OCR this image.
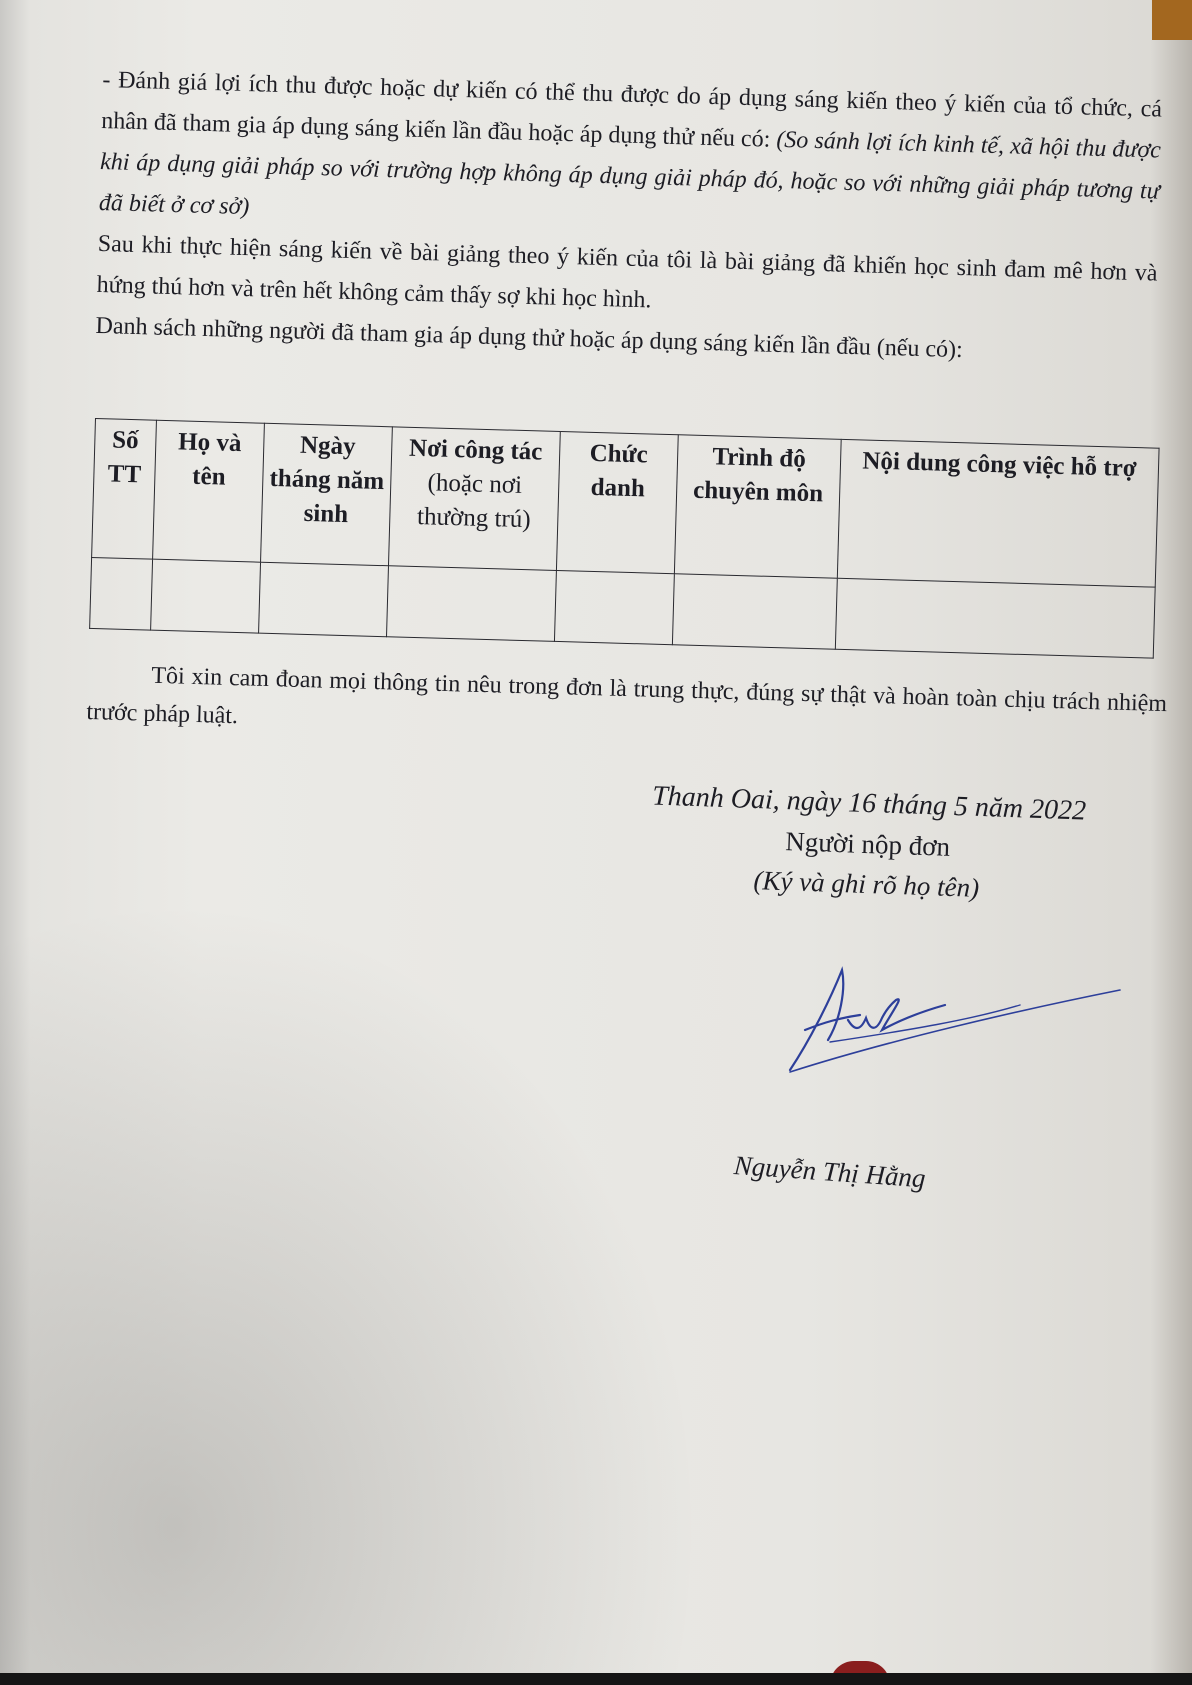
- Đánh giá lợi ích thu được hoặc dự kiến có thể thu được do áp dụng sáng kiến theo ý kiến của tổ chức, cá nhân đã tham gia áp dụng sáng kiến lần đầu hoặc áp dụng thử nếu có: (So sánh lợi ích kinh tế, xã hội thu được khi áp dụng giải pháp so với trường hợp không áp dụng giải pháp đó, hoặc so với những giải pháp tương tự đã biết ở cơ sở)

Sau khi thực hiện sáng kiến về bài giảng theo ý kiến của tôi là bài giảng đã khiến học sinh đam mê hơn và hứng thú hơn và trên hết không cảm thấy sợ khi học hình.

Danh sách những người đã tham gia áp dụng thử hoặc áp dụng sáng kiến lần đầu (nếu có):

Số TT	Họ và tên	Ngày tháng năm sinh	Nơi công tác (hoặc nơi thường trú)	Chức danh	Trình độ chuyên môn	Nội dung công việc hỗ trợ

Tôi xin cam đoan mọi thông tin nêu trong đơn là trung thực, đúng sự thật và hoàn toàn chịu trách nhiệm trước pháp luật.
Thanh Oai, ngày 16 tháng 5 năm 2022
Người nộp đơn
(Ký và ghi rõ họ tên)
Nguyễn Thị Hằng
